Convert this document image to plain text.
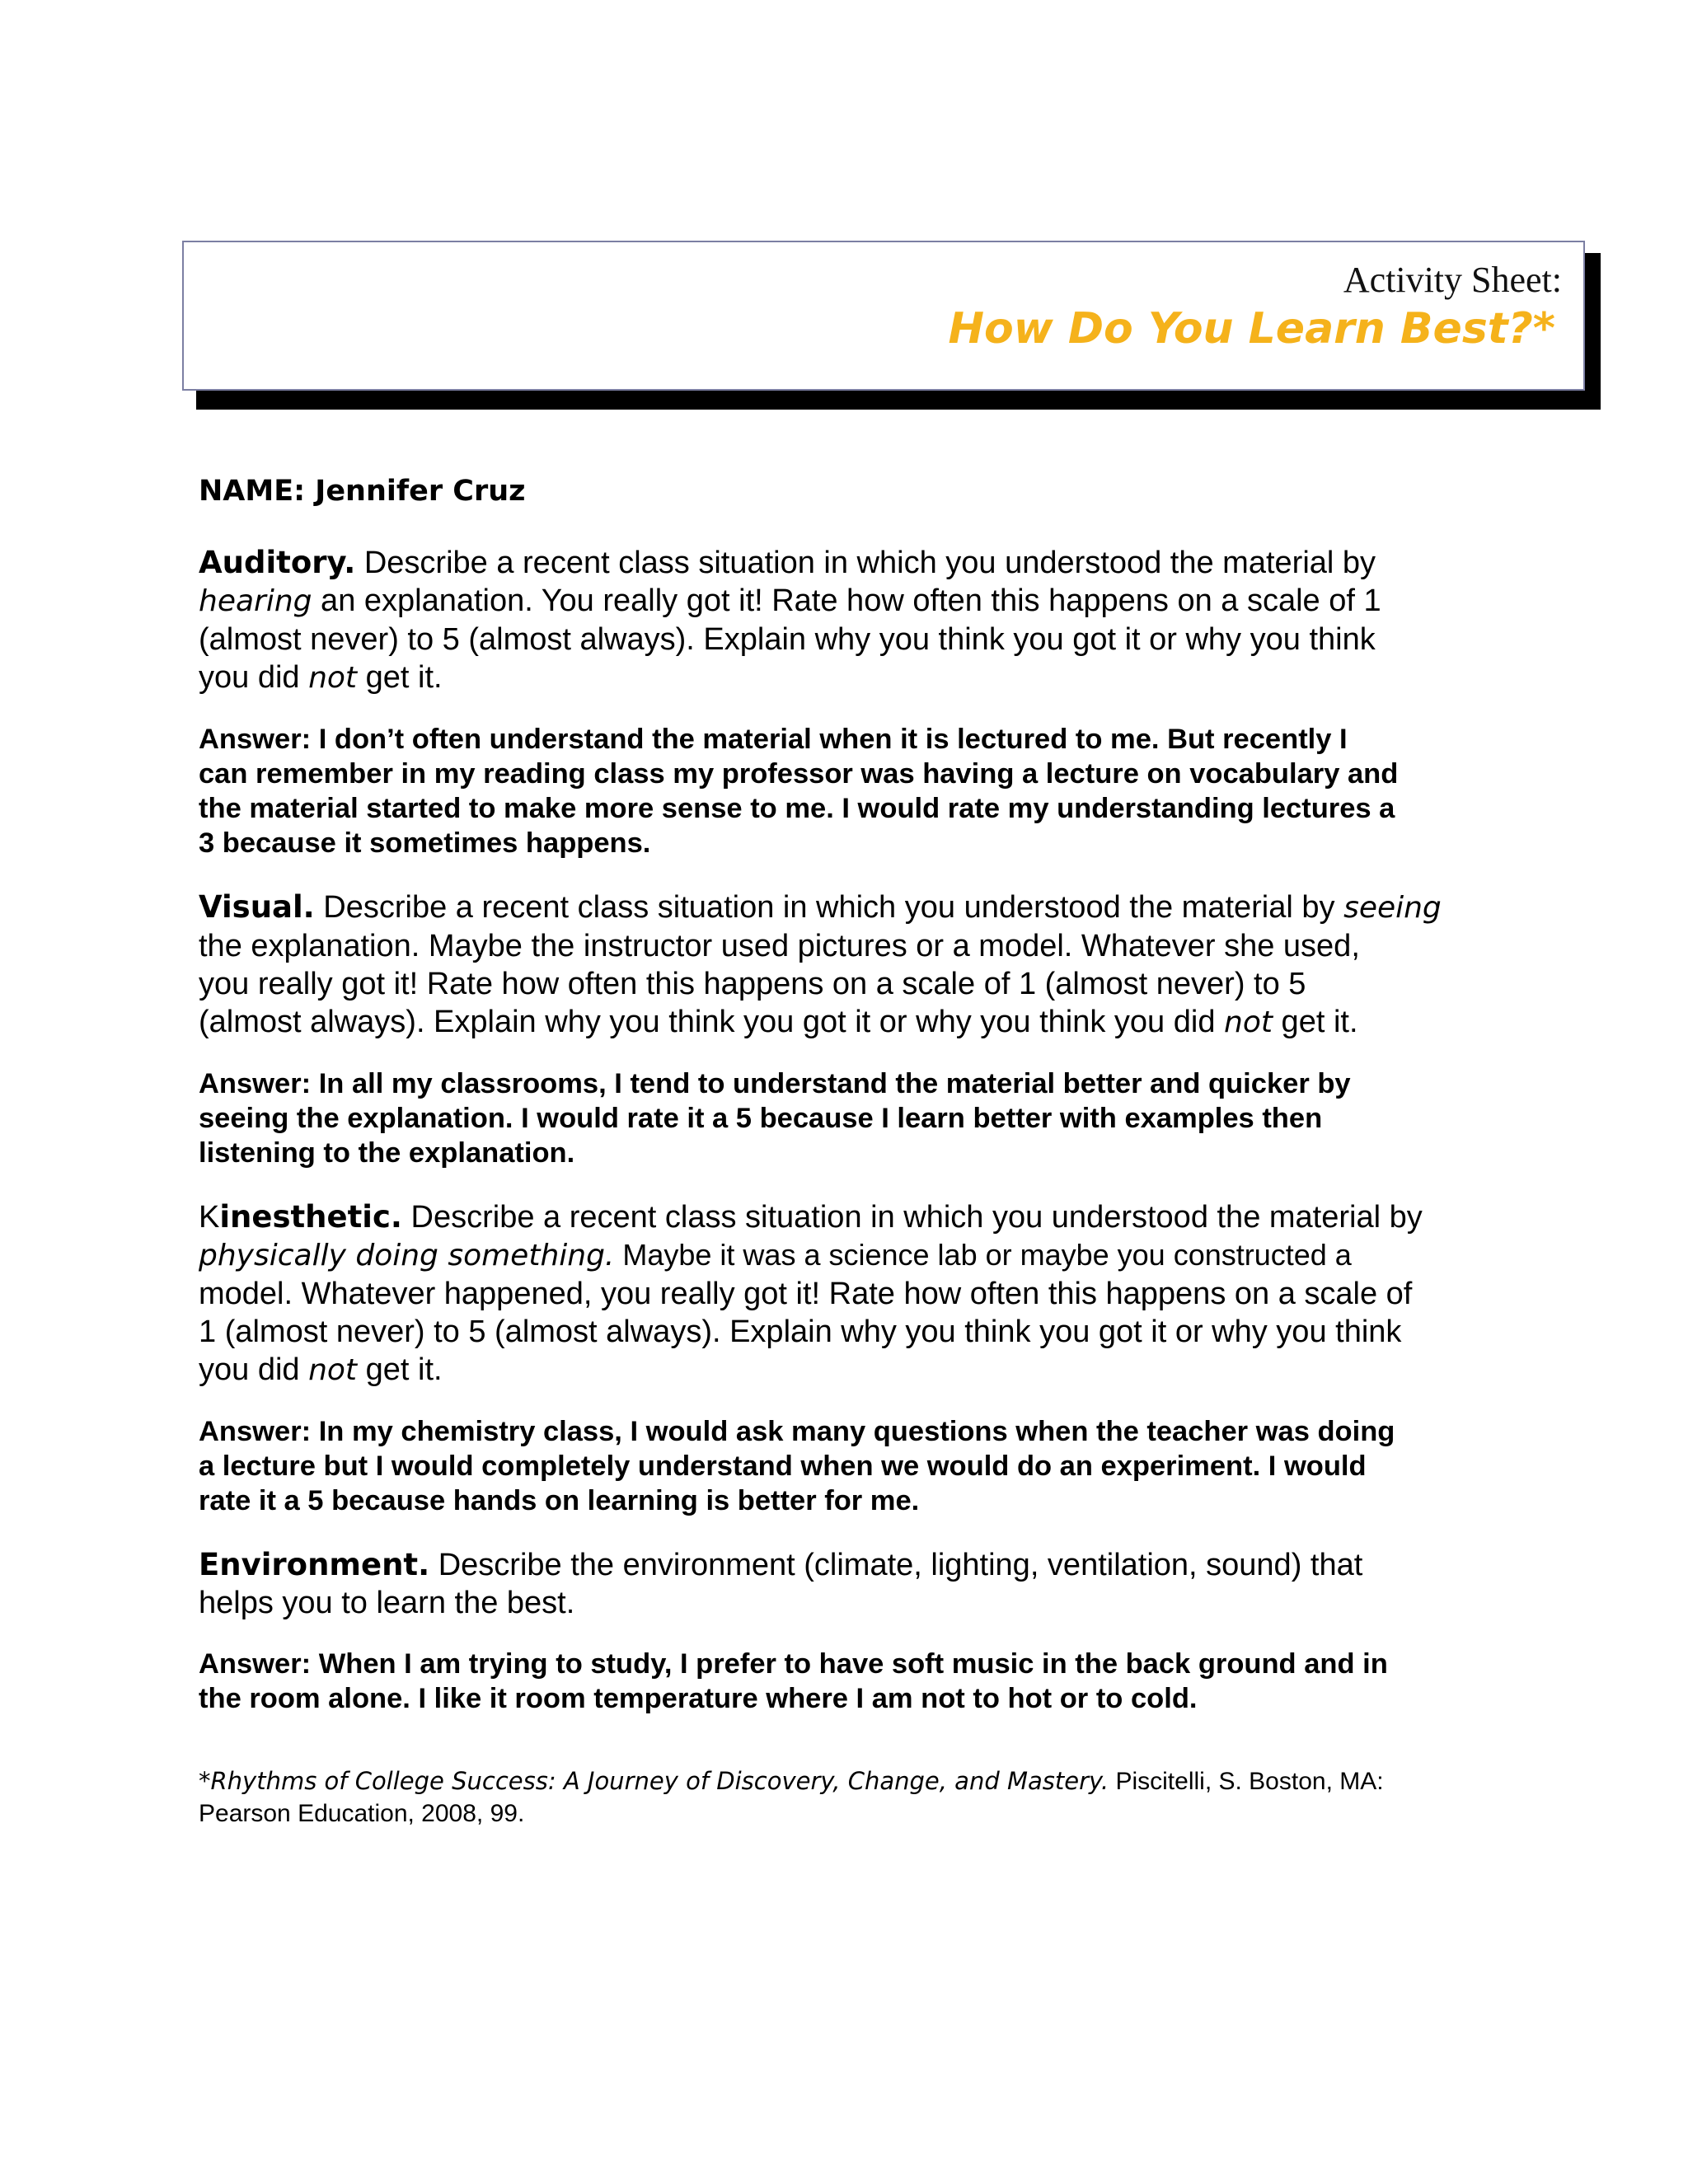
Activity Sheet:
How Do You Learn Best?*
NAME: Jennifer Cruz
Auditory. Describe a recent class situation in which you understood the material by
hearing an explanation. You really got it! Rate how often this happens on a scale of 1
(almost never) to 5 (almost always). Explain why you think you got it or why you think
you did not get it.
Answer: I don’t often understand the material when it is lectured to me. But recently I
can remember in my reading class my professor was having a lecture on vocabulary and
the material started to make more sense to me. I would rate my understanding lectures a
3 because it sometimes happens.
Visual. Describe a recent class situation in which you understood the material by seeing
the explanation. Maybe the instructor used pictures or a model. Whatever she used,
you really got it! Rate how often this happens on a scale of 1 (almost never) to 5
(almost always). Explain why you think you got it or why you think you did not get it.
Answer: In all my classrooms, I tend to understand the material better and quicker by
seeing the explanation. I would rate it a 5 because I learn better with examples then
listening to the explanation.
Kinesthetic. Describe a recent class situation in which you understood the material by
physically doing something. Maybe it was a science lab or maybe you constructed a
model. Whatever happened, you really got it! Rate how often this happens on a scale of
1 (almost never) to 5 (almost always). Explain why you think you got it or why you think
you did not get it.
Answer: In my chemistry class, I would ask many questions when the teacher was doing
a lecture but I would completely understand when we would do an experiment. I would
rate it a 5 because hands on learning is better for me.
Environment. Describe the environment (climate, lighting, ventilation, sound) that
helps you to learn the best.
Answer: When I am trying to study, I prefer to have soft music in the back ground and in
the room alone. I like it room temperature where I am not to hot or to cold.
*Rhythms of College Success: A Journey of Discovery, Change, and Mastery. Piscitelli, S. Boston, MA:
Pearson Education, 2008, 99.
